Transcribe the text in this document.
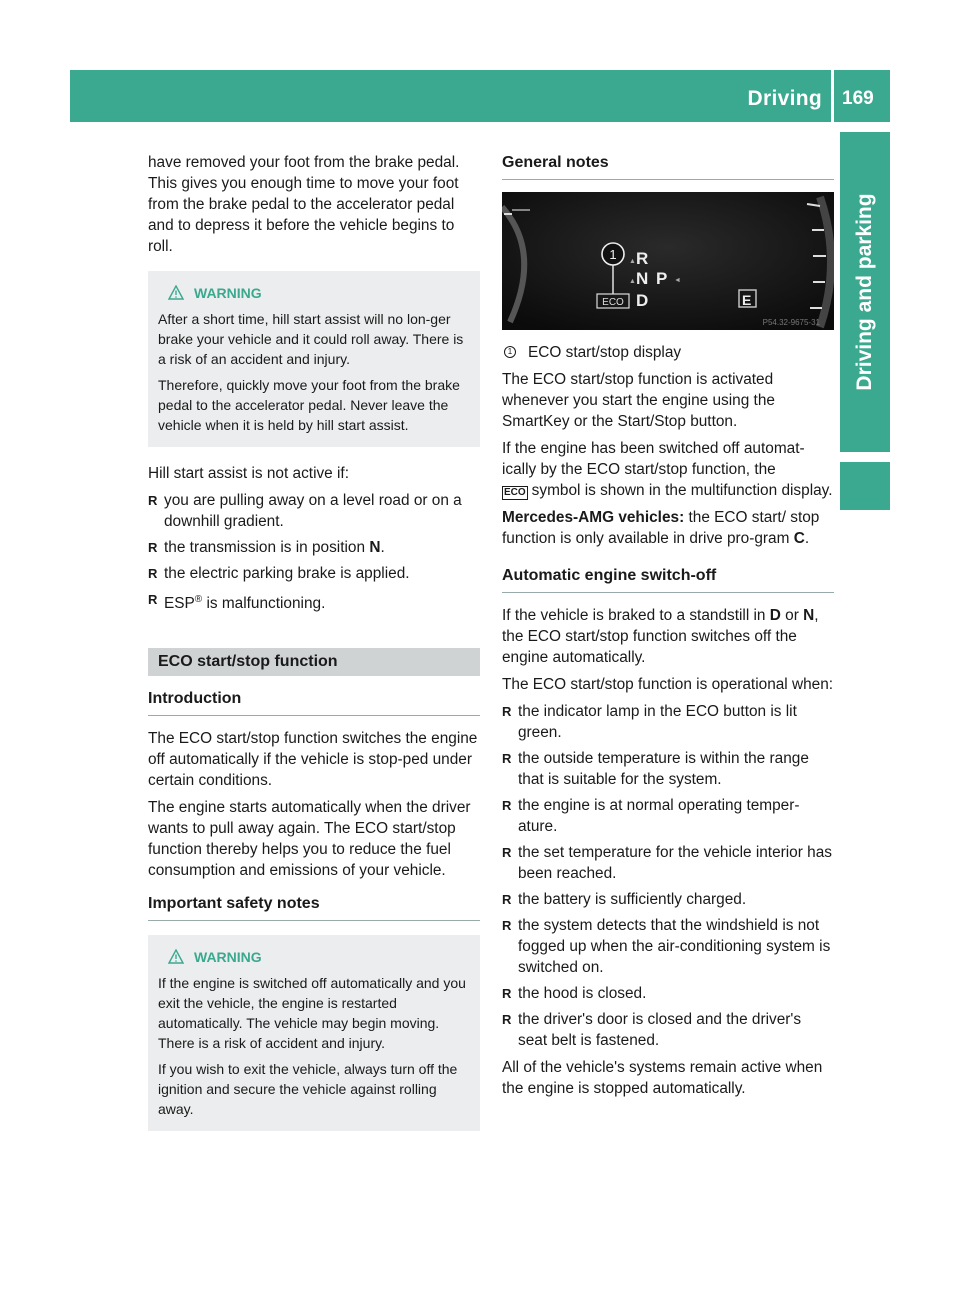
Driving 169
Driving and parking

have removed your foot from the brake pedal. This gives you enough time to move your foot from the brake pedal to the accelerator pedal and to depress it before the vehicle begins to roll.

WARNING

After a short time, hill start assist will no lon-ger brake your vehicle and it could roll away. There is a risk of an accident and injury.

Therefore, quickly move your foot from the brake pedal to the accelerator pedal. Never leave the vehicle when it is held by hill start assist.

Hill start assist is not active if:

R you are pulling away on a level road or on a downhill gradient.
R the transmission is in position N.
R the electric parking brake is applied.
R ESP® is malfunctioning.
ECO start/stop function
Introduction

The ECO start/stop function switches the engine off automatically if the vehicle is stop-ped under certain conditions.

The engine starts automatically when the driver wants to pull away again. The ECO start/stop function thereby helps you to reduce the fuel consumption and emissions of your vehicle.

Important safety notes
WARNING

If the engine is switched off automatically and you exit the vehicle, the engine is restarted automatically. The vehicle may begin moving. There is a risk of accident and injury.

If you wish to exit the vehicle, always turn off the ignition and secure the vehicle against rolling away.

General notes
1 ▲ R
▲ N P ◄
D	E
ECO
P54.32-9675-31

1 ECO start/stop display

The ECO start/stop function is activated whenever you start the engine using the SmartKey or the Start/Stop button.

If the engine has been switched off automat-ically by the ECO start/stop function, the

ECO symbol is shown in the multifunction display.

Mercedes-AMG vehicles: the ECO start/ stop function is only available in drive pro-gram C.

Automatic engine switch-off

If the vehicle is braked to a standstill in D or N, the ECO start/stop function switches off the engine automatically.

The ECO start/stop function is operational when:

R the indicator lamp in the ECO button is lit green.
R the outside temperature is within the range that is suitable for the system.
R the engine is at normal operating temper-ature.
R the set temperature for the vehicle interior has been reached.
R the battery is sufficiently charged.
R the system detects that the windshield is not fogged up when the air-conditioning system is switched on.
R the hood is closed.
R the driver's door is closed and the driver's seat belt is fastened.

All of the vehicle's systems remain active when the engine is stopped automatically.
